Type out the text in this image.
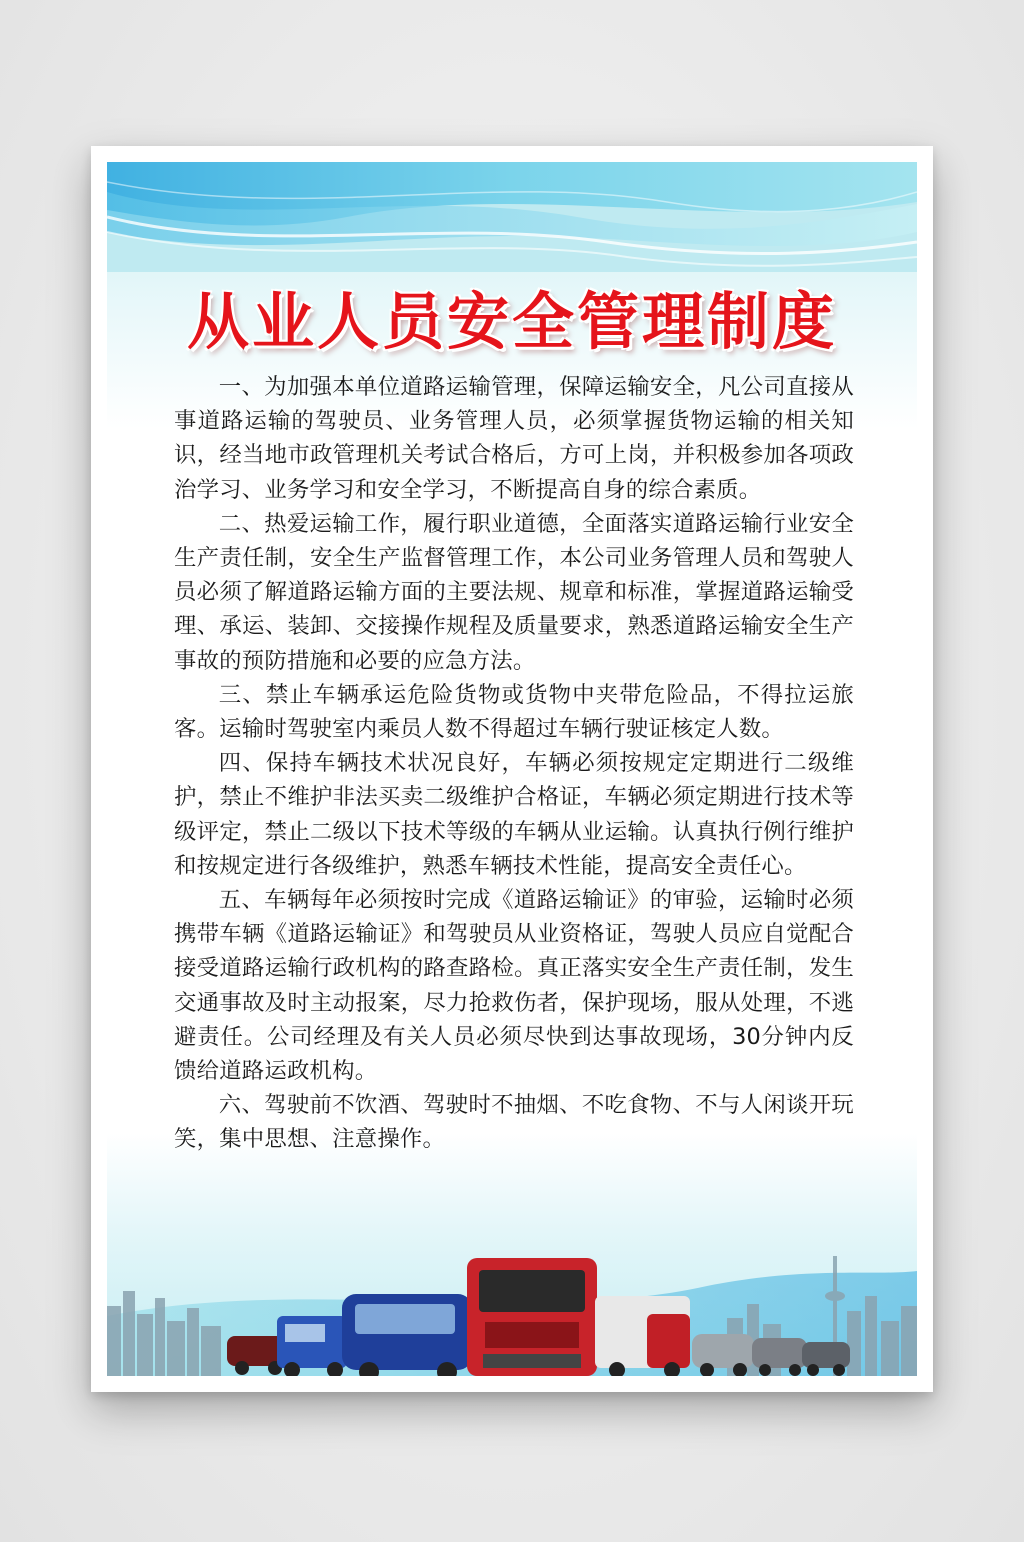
从业人员安全管理制度

一、为加强本单位道路运输管理，保障运输安全，凡公司直接从事道路运输的驾驶员、业务管理人员，必须掌握货物运输的相关知识，经当地市政管理机关考试合格后，方可上岗，并积极参加各项政治学习、业务学习和安全学习，不断提高自身的综合素质。

二、热爱运输工作，履行职业道德，全面落实道路运输行业安全生产责任制，安全生产监督管理工作，本公司业务管理人员和驾驶人员必须了解道路运输方面的主要法规、规章和标准，掌握道路运输受理、承运、装卸、交接操作规程及质量要求，熟悉道路运输安全生产事故的预防措施和必要的应急方法。

三、禁止车辆承运危险货物或货物中夹带危险品，不得拉运旅客。运输时驾驶室内乘员人数不得超过车辆行驶证核定人数。

四、保持车辆技术状况良好，车辆必须按规定定期进行二级维护，禁止不维护非法买卖二级维护合格证，车辆必须定期进行技术等级评定，禁止二级以下技术等级的车辆从业运输。认真执行例行维护和按规定进行各级维护，熟悉车辆技术性能，提高安全责任心。

五、车辆每年必须按时完成《道路运输证》的审验，运输时必须携带车辆《道路运输证》和驾驶员从业资格证，驾驶人员应自觉配合接受道路运输行政机构的路查路检。真正落实安全生产责任制，发生交通事故及时主动报案，尽力抢救伤者，保护现场，服从处理，不逃避责任。公司经理及有关人员必须尽快到达事故现场，30分钟内反馈给道路运政机构。

六、驾驶前不饮酒、驾驶时不抽烟、不吃食物、不与人闲谈开玩笑，集中思想、注意操作。
